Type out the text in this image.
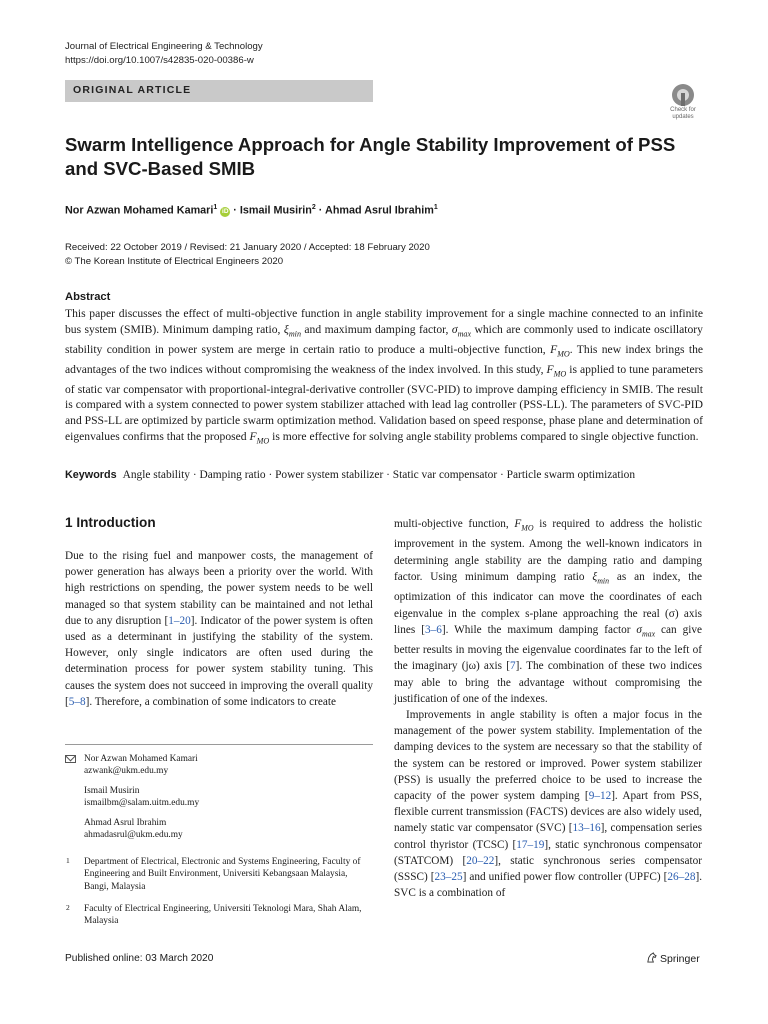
Journal of Electrical Engineering & Technology
https://doi.org/10.1007/s42835-020-00386-w
ORIGINAL ARTICLE
Check for updates
Swarm Intelligence Approach for Angle Stability Improvement of PSS and SVC-Based SMIB
Nor Azwan Mohamed Kamari$^1$ iD · Ismail Musirin$^2$ · Ahmad Asrul Ibrahim$^1$
Received: 22 October 2019 / Revised: 21 January 2020 / Accepted: 18 February 2020
© The Korean Institute of Electrical Engineers 2020
Abstract

This paper discusses the effect of multi-objective function in angle stability improvement for a single machine connected to an infinite bus system (SMIB). Minimum damping ratio, $\xi_{min}$ and maximum damping factor, $\sigma_{max}$ which are commonly used to indicate oscillatory stability condition in power system are merge in certain ratio to produce a multi-objective function, $F_{MO}$. This new index brings the advantages of the two indices without compromising the weakness of the index involved. In this study, $F_{MO}$ is applied to tune parameters of static var compensator with proportional-integral-derivative controller (SVC-PID) to improve damping efficiency in SMIB. The result is compared with a system connected to power system stabilizer attached with lead lag controller (PSS-LL). The parameters of SVC-PID and PSS-LL are optimized by particle swarm optimization method. Validation based on speed response, phase plane and determination of eigenvalues confirms that the proposed $F_{MO}$ is more effective for solving angle stability problems compared to single objective function.

Keywords Angle stability · Damping ratio · Power system stabilizer · Static var compensator · Particle swarm optimization
1 Introduction

Due to the rising fuel and manpower costs, the management of power generation has always been a priority over the world. With high restrictions on spending, the power system needs to be well managed so that system stability can be maintained and not lethal due to any disruption [1–20]. Indicator of the power system is often used as a determinant in justifying the stability of the system. However, only single indicators are often used during the determination process for power system stability tuning. This causes the system does not succeed in improving the overall quality [5–8]. Therefore, a combination of some indicators to create

multi-objective function, $F_{MO}$ is required to address the holistic improvement in the system. Among the well-known indicators in determining angle stability are the damping ratio and damping factor. Using minimum damping ratio $\xi_{min}$ as an index, the optimization of this indicator can move the coordinates of each eigenvalue in the complex s-plane approaching the real (σ) axis lines [3–6]. While the maximum damping factor $\sigma_{max}$ can give better results in moving the eigenvalue coordinates far to the left of the imaginary (jω) axis [7]. The combination of these two indices may able to bring the advantage without compromising the justification of one of the indexes.

Improvements in angle stability is often a major focus in the management of the power system stability. Implementation of the damping devices to the system are necessary so that the stability of the system can be restored or improved. Power system stabilizer (PSS) is usually the preferred choice to be used to increase the capacity of the power system damping [9–12]. Apart from PSS, flexible current transmission (FACTS) devices are also widely used, namely static var compensator (SVC) [13–16], compensation series control thyristor (TCSC) [17–19], static synchronous compensator (STATCOM) [20–22], static synchronous series compensator (SSSC) [23–25] and unified power flow controller (UPFC) [26–28]. SVC is a combination of

Nor Azwan Mohamed Kamari
azwank@ukm.edu.my
Ismail Musirin
ismailbm@salam.uitm.edu.my
Ahmad Asrul Ibrahim
ahmadasrul@ukm.edu.my
1 Department of Electrical, Electronic and Systems Engineering, Faculty of Engineering and Built Environment, Universiti Kebangsaan Malaysia, Bangi, Malaysia
2 Faculty of Electrical Engineering, Universiti Teknologi Mara, Shah Alam, Malaysia
Published online: 03 March 2020	Springer
